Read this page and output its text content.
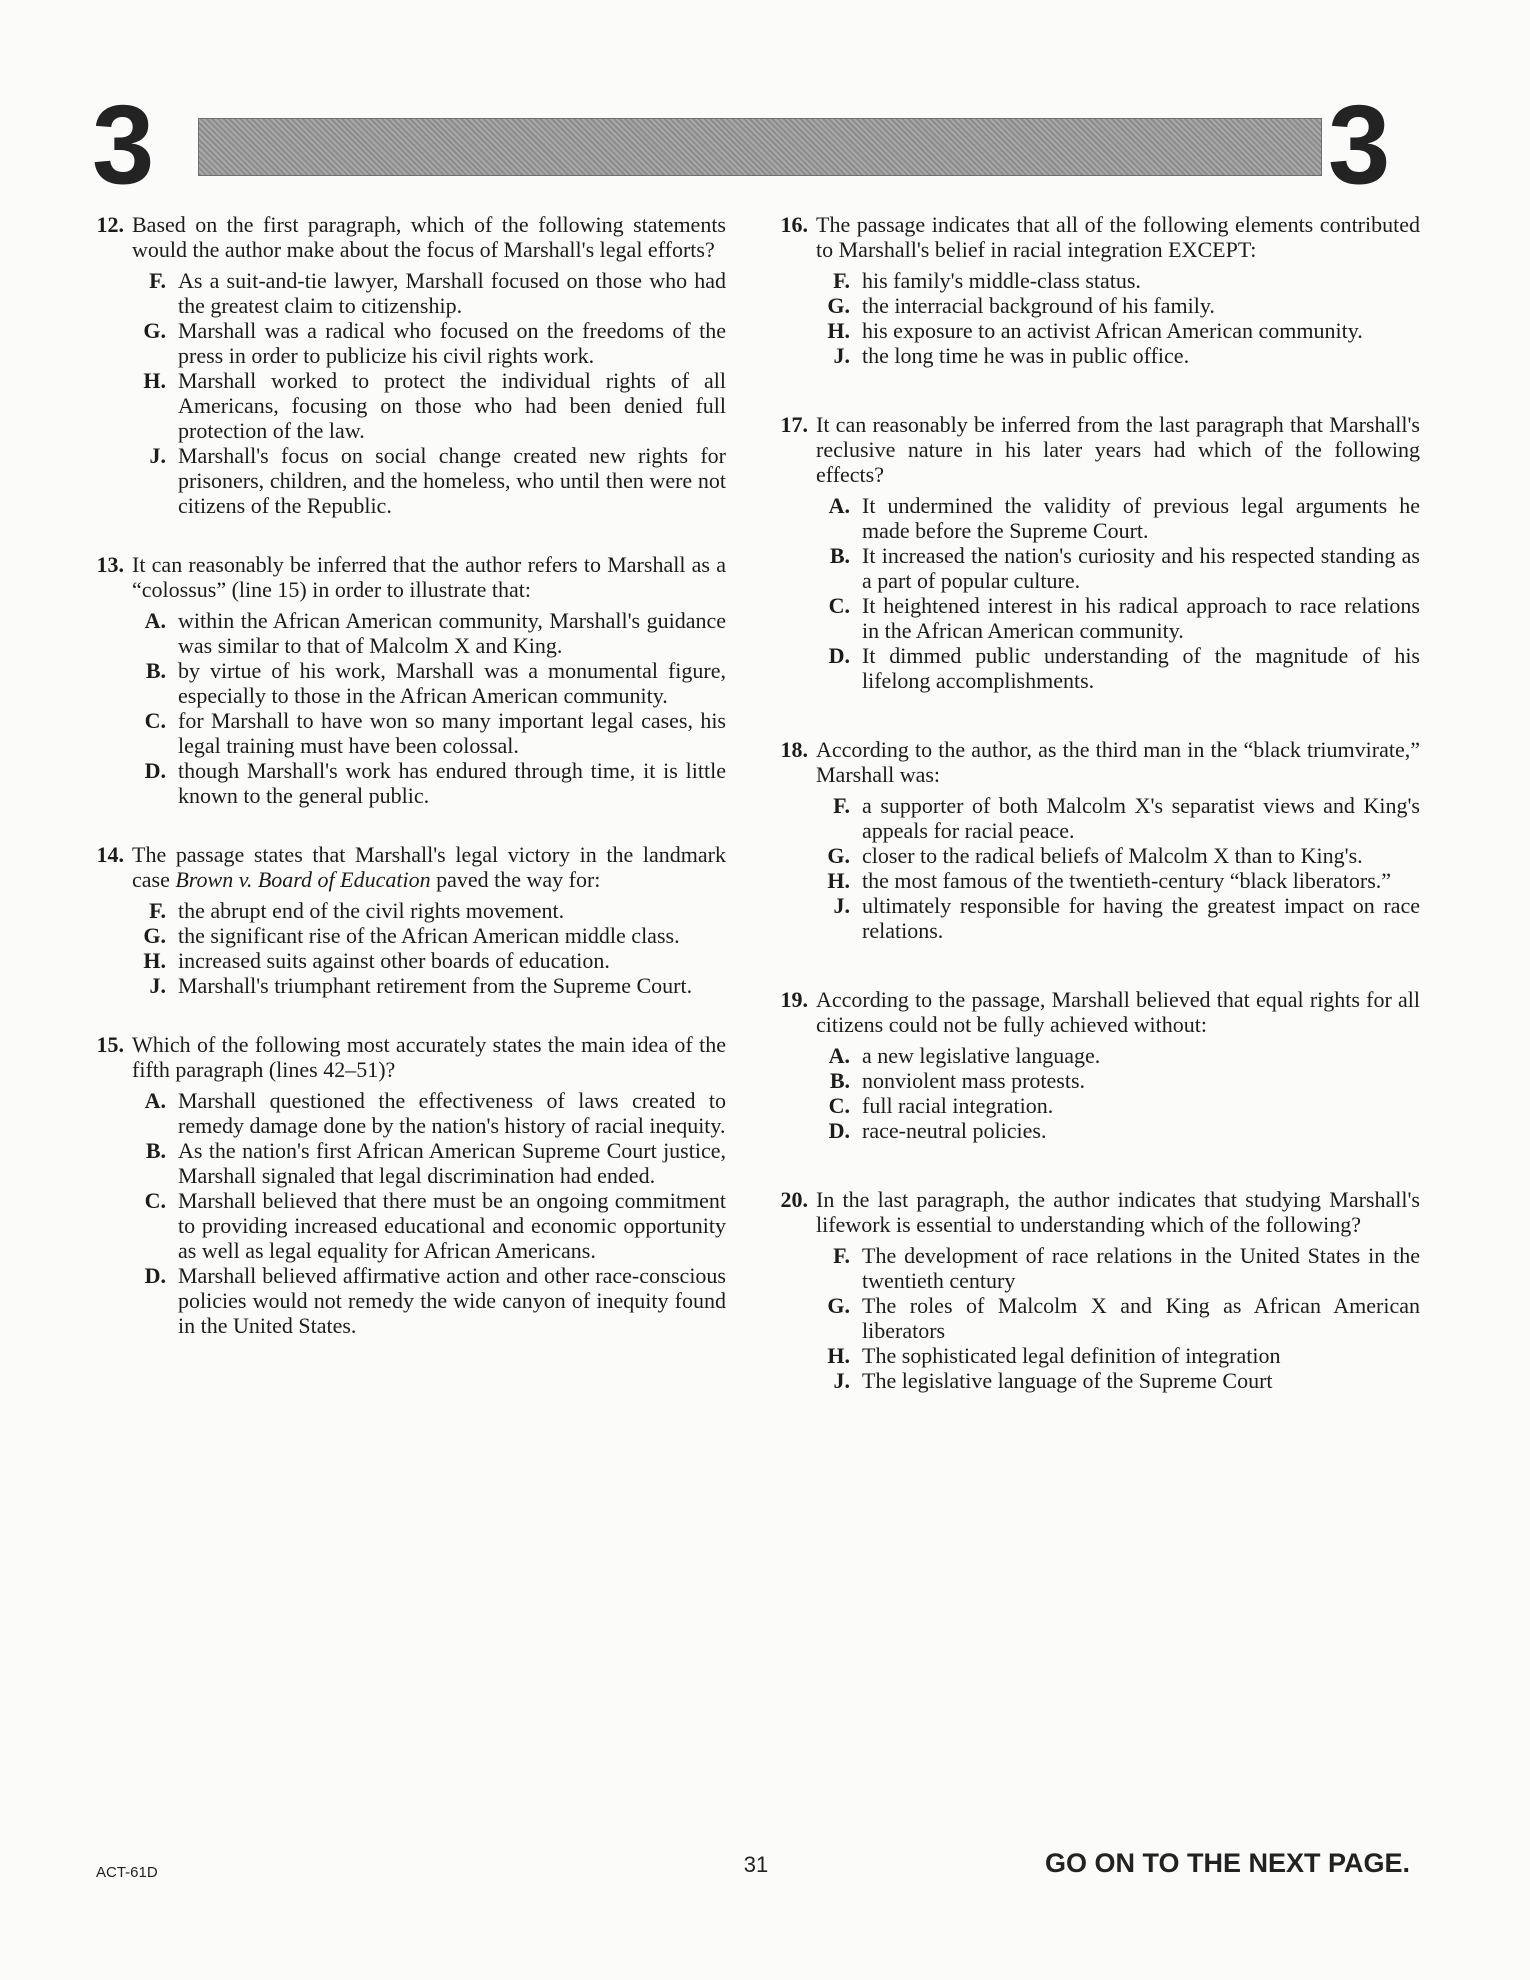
3	3
12. Based on the first paragraph, which of the following statements would the author make about the focus of Marshall's legal efforts?
F. As a suit-and-tie lawyer, Marshall focused on those who had the greatest claim to citizenship.
G. Marshall was a radical who focused on the freedoms of the press in order to publicize his civil rights work.
H. Marshall worked to protect the individual rights of all Americans, focusing on those who had been denied full protection of the law.
J. Marshall's focus on social change created new rights for prisoners, children, and the homeless, who until then were not citizens of the Republic.
13. It can reasonably be inferred that the author refers to Marshall as a “colossus” (line 15) in order to illustrate that:
A. within the African American community, Marshall's guidance was similar to that of Malcolm X and King.
B. by virtue of his work, Marshall was a monumental figure, especially to those in the African American community.
C. for Marshall to have won so many important legal cases, his legal training must have been colossal.
D. though Marshall's work has endured through time, it is little known to the general public.
14. The passage states that Marshall's legal victory in the landmark case Brown v. Board of Education paved the way for:
F. the abrupt end of the civil rights movement.
G. the significant rise of the African American middle class.
H. increased suits against other boards of education.
J. Marshall's triumphant retirement from the Supreme Court.
15. Which of the following most accurately states the main idea of the fifth paragraph (lines 42–51)?
A. Marshall questioned the effectiveness of laws created to remedy damage done by the nation's history of racial inequity.
B. As the nation's first African American Supreme Court justice, Marshall signaled that legal discrimination had ended.
C. Marshall believed that there must be an ongoing commitment to providing increased educational and economic opportunity as well as legal equality for African Americans.
D. Marshall believed affirmative action and other race-conscious policies would not remedy the wide canyon of inequity found in the United States.
16. The passage indicates that all of the following elements contributed to Marshall's belief in racial integration EXCEPT:
F. his family's middle-class status.
G. the interracial background of his family.
H. his exposure to an activist African American community.
J. the long time he was in public office.
17. It can reasonably be inferred from the last paragraph that Marshall's reclusive nature in his later years had which of the following effects?
A. It undermined the validity of previous legal arguments he made before the Supreme Court.
B. It increased the nation's curiosity and his respected standing as a part of popular culture.
C. It heightened interest in his radical approach to race relations in the African American community.
D. It dimmed public understanding of the magnitude of his lifelong accomplishments.
18. According to the author, as the third man in the “black triumvirate,” Marshall was:
F. a supporter of both Malcolm X's separatist views and King's appeals for racial peace.
G. closer to the radical beliefs of Malcolm X than to King's.
H. the most famous of the twentieth-century “black liberators.”
J. ultimately responsible for having the greatest impact on race relations.
19. According to the passage, Marshall believed that equal rights for all citizens could not be fully achieved without:
A. a new legislative language.
B. nonviolent mass protests.
C. full racial integration.
D. race-neutral policies.
20. In the last paragraph, the author indicates that studying Marshall's lifework is essential to understanding which of the following?
F. The development of race relations in the United States in the twentieth century
G. The roles of Malcolm X and King as African American liberators
H. The sophisticated legal definition of integration
J. The legislative language of the Supreme Court
ACT-61D	31	GO ON TO THE NEXT PAGE.
